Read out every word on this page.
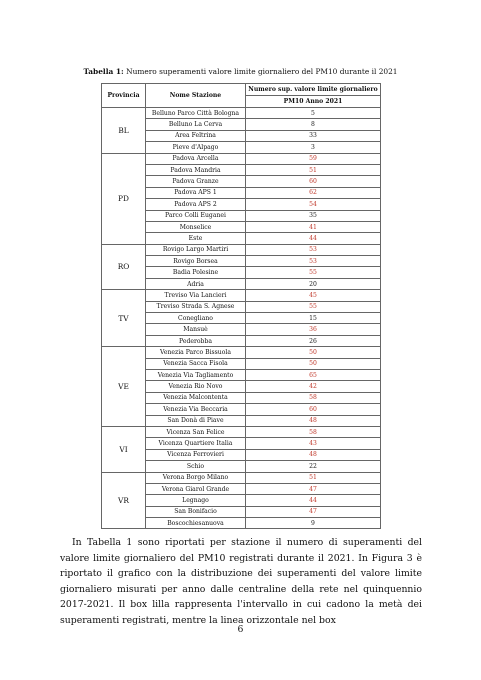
Tabella 1: Numero superamenti valore limite giornaliero del PM10 durante il 2021
Provincia	Nome Stazione	Numero sup. valore limite giornaliero
		PM10 Anno 2021
BL	Belluno Parco Città Bologna	5
	Belluno La Cerva	8
	Area Feltrina	33
	Pieve d'Alpago	3
PD	Padova Arcella	59
	Padova Mandria	51
	Padova Granze	60
	Padova APS 1	62
	Padova APS 2	54
	Parco Colli Euganei	35
	Monselice	41
	Este	44
RO	Rovigo Largo Martiri	53
	Rovigo Borsea	53
	Badia Polesine	55
	Adria	20
TV	Treviso Via Lancieri	45
	Treviso Strada S. Agnese	55
	Conegliano	15
	Mansuè	36
	Pederobba	26
VE	Venezia Parco Bissuola	50
	Venezia Sacca Fisola	50
	Venezia Via Tagliamento	65
	Venezia Rio Novo	42
	Venezia Malcontenta	58
	Venezia Via Beccaria	60
	San Donà di Piave	48
VI	Vicenza San Felice	58
	Vicenza Quartiere Italia	43
	Vicenza Ferrovieri	48
	Schio	22
VR	Verona Borgo Milano	51
	Verona Giarol Grande	47
	Legnago	44
	San Bonifacio	47
	Boscochiesanuova	9

In Tabella 1 sono riportati per stazione il numero di superamenti del valore limite giornaliero del PM10 registrati durante il 2021. In Figura 3 è riportato il grafico con la distribuzione dei superamenti del valore limite giornaliero misurati per anno dalle centraline della rete nel quinquennio 2017-2021. Il box lilla rappresenta l'intervallo in cui cadono la metà dei superamenti registrati, mentre la linea orizzontale nel box

6
